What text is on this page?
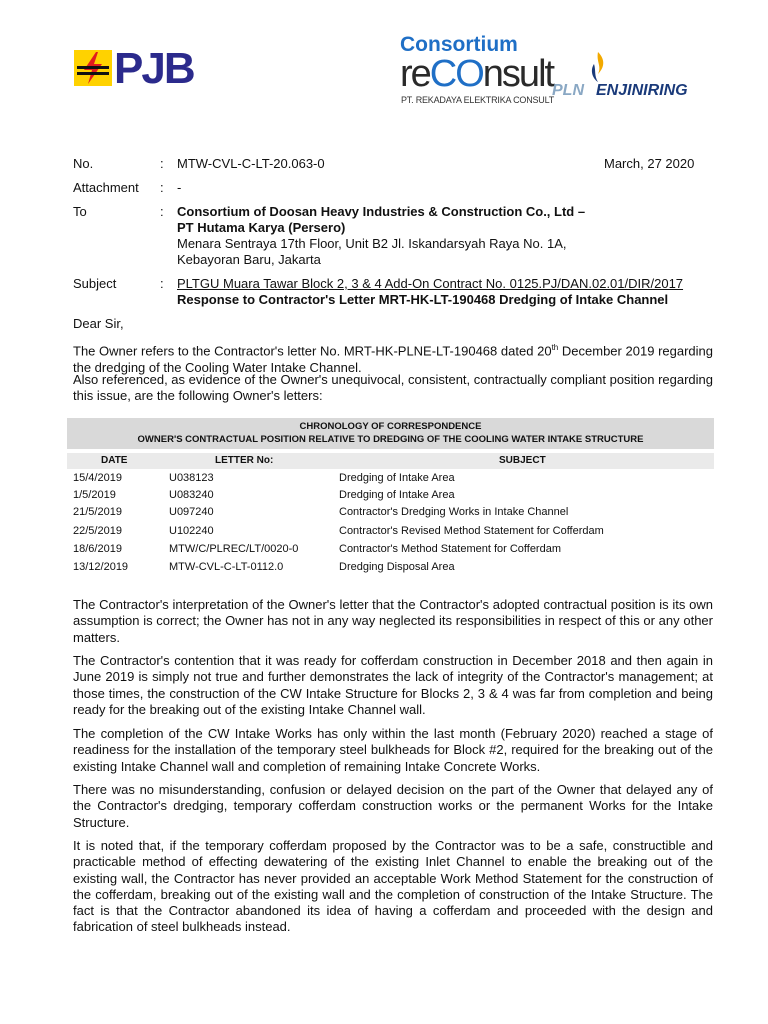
PJB	Consortium
reCOnsult
PT. REKADAYA ELEKTRIKA CONSULT
PLN ENJINIRING
No.	: MTW-CVL-C-LT-20.063-0	March, 27 2020
Attachment	: -
To	: Consortium of Doosan Heavy Industries & Construction Co., Ltd –
PT Hutama Karya (Persero)
Menara Sentraya 17th Floor, Unit B2 Jl. Iskandarsyah Raya No. 1A,
Kebayoran Baru, Jakarta
Subject	: PLTGU Muara Tawar Block 2, 3 & 4 Add-On Contract No. 0125.PJ/DAN.02.01/DIR/2017
Response to Contractor's Letter MRT-HK-LT-190468 Dredging of Intake Channel

Dear Sir,

The Owner refers to the Contractor's letter No. MRT-HK-PLNE-LT-190468 dated 20th December 2019 regarding the dredging of the Cooling Water Intake Channel.

Also referenced, as evidence of the Owner's unequivocal, consistent, contractually compliant position regarding this issue, are the following Owner's letters:

CHRONOLOGY OF CORRESPONDENCE
OWNER'S CONTRACTUAL POSITION RELATIVE TO DREDGING OF THE COOLING WATER INTAKE STRUCTURE
DATE	LETTER No:	SUBJECT
15/4/2019	U038123	Dredging of Intake Area
1/5/2019	U083240	Dredging of Intake Area
21/5/2019	U097240	Contractor's Dredging Works in Intake Channel
22/5/2019	U102240	Contractor's Revised Method Statement for Cofferdam
18/6/2019	MTW/C/PLREC/LT/0020-0	Contractor's Method Statement for Cofferdam
13/12/2019	MTW-CVL-C-LT-0112.0	Dredging Disposal Area

The Contractor's interpretation of the Owner's letter that the Contractor's adopted contractual position is its own assumption is correct; the Owner has not in any way neglected its responsibilities in respect of this or any other matters.

The Contractor's contention that it was ready for cofferdam construction in December 2018 and then again in June 2019 is simply not true and further demonstrates the lack of integrity of the Contractor's management; at those times, the construction of the CW Intake Structure for Blocks 2, 3 & 4 was far from completion and being ready for the breaking out of the existing Intake Channel wall.

The completion of the CW Intake Works has only within the last month (February 2020) reached a stage of readiness for the installation of the temporary steel bulkheads for Block #2, required for the breaking out of the existing Intake Channel wall and completion of remaining Intake Concrete Works.

There was no misunderstanding, confusion or delayed decision on the part of the Owner that delayed any of the Contractor's dredging, temporary cofferdam construction works or the permanent Works for the Intake Structure.

It is noted that, if the temporary cofferdam proposed by the Contractor was to be a safe, constructible and practicable method of effecting dewatering of the existing Inlet Channel to enable the breaking out of the existing wall, the Contractor has never provided an acceptable Work Method Statement for the construction of the cofferdam, breaking out of the existing wall and the completion of construction of the Intake Structure. The fact is that the Contractor abandoned its idea of having a cofferdam and proceeded with the design and fabrication of steel bulkheads instead.
